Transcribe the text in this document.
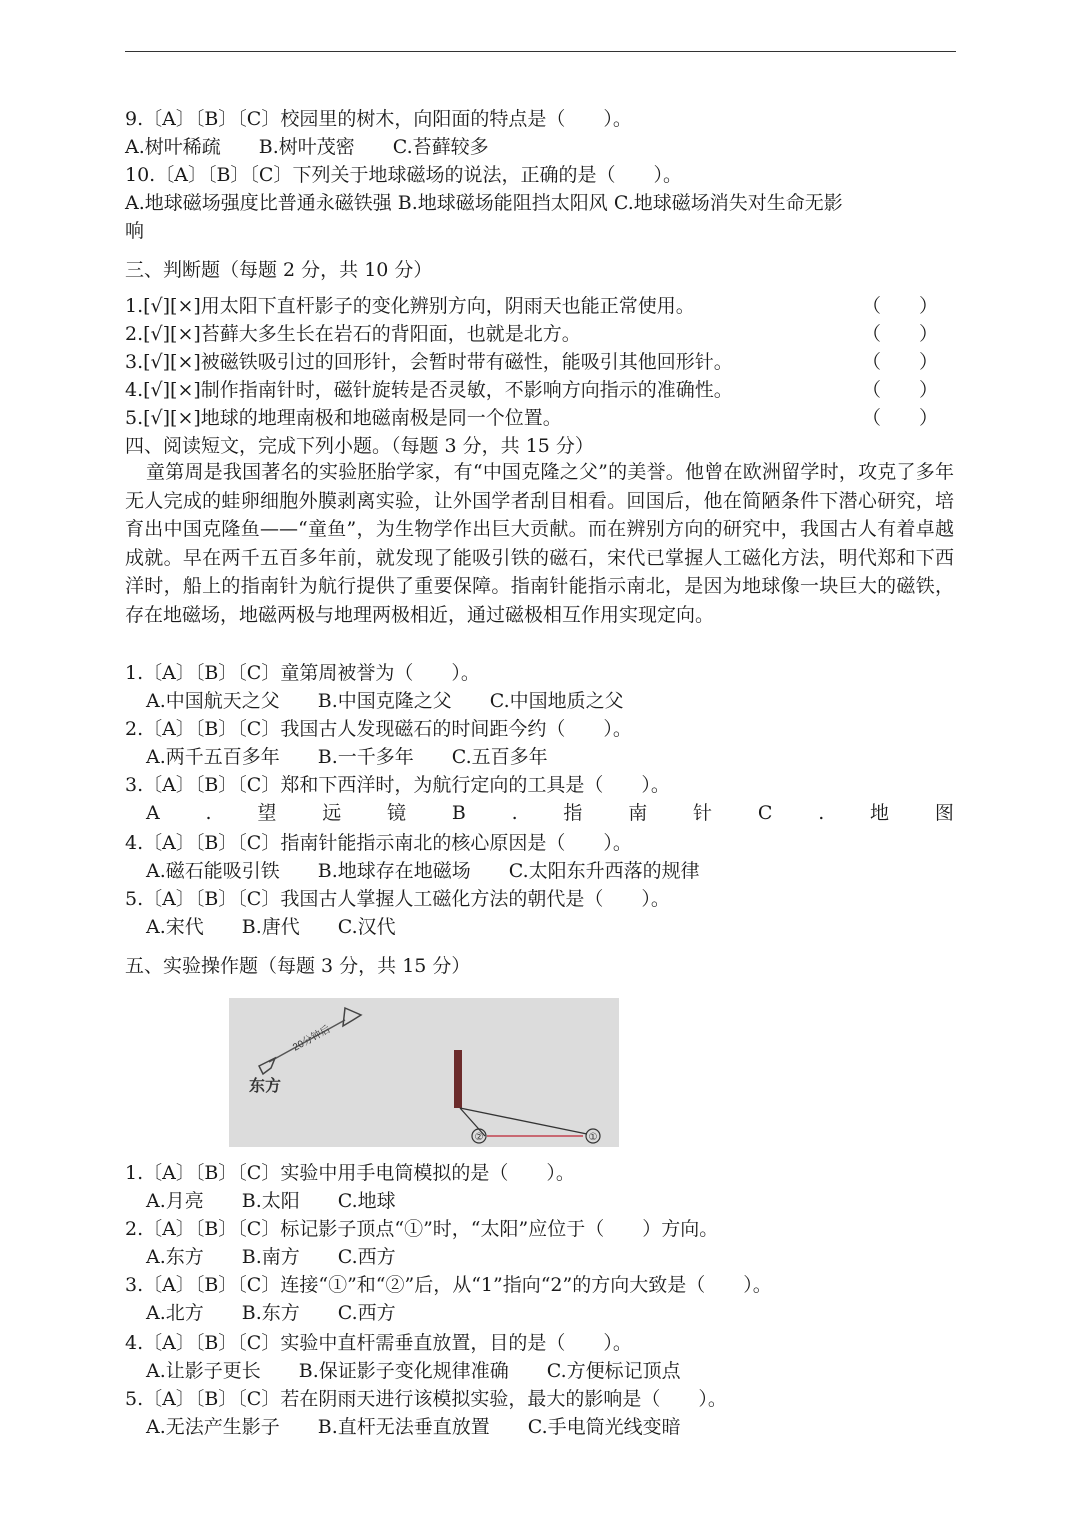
9.〔A〕〔B〕〔C〕校园里的树木，向阳面的特点是（　　）。
A.树叶稀疏　　B.树叶茂密　　C.苔藓较多
10.〔A〕〔B〕〔C〕下列关于地球磁场的说法，正确的是（　　）。
A.地球磁场强度比普通永磁铁强 B.地球磁场能阻挡太阳风 C.地球磁场消失对生命无影
响
三、判断题（每题 2 分，共 10 分）
1.[√][×]用太阳下直杆影子的变化辨别方向，阴雨天也能正常使用。	（　　）
2.[√][×]苔藓大多生长在岩石的背阳面，也就是北方。	（　　）
3.[√][×]被磁铁吸引过的回形针，会暂时带有磁性，能吸引其他回形针。	（　　）
4.[√][×]制作指南针时，磁针旋转是否灵敏，不影响方向指示的准确性。	（　　）
5.[√][×]地球的地理南极和地磁南极是同一个位置。	（　　）
四、阅读短文，完成下列小题。（每题 3 分，共 15 分）
童第周是我国著名的实验胚胎学家，有“中国克隆之父”的美誉。他曾在欧洲留学时，攻克了多年无人完成的蛙卵细胞外膜剥离实验，让外国学者刮目相看。回国后，他在简陋条件下潜心研究，培育出中国克隆鱼——“童鱼”，为生物学作出巨大贡献。而在辨别方向的研究中，我国古人有着卓越成就。早在两千五百多年前，就发现了能吸引铁的磁石，宋代已掌握人工磁化方法，明代郑和下西洋时，船上的指南针为航行提供了重要保障。指南针能指示南北，是因为地球像一块巨大的磁铁，存在地磁场，地磁两极与地理两极相近，通过磁极相互作用实现定向。
1.〔A〕〔B〕〔C〕童第周被誉为（　　）。
A.中国航天之父　　B.中国克隆之父　　C.中国地质之父
2.〔A〕〔B〕〔C〕我国古人发现磁石的时间距今约（　　）。
A.两千五百多年　　B.一千多年　　C.五百多年
3.〔A〕〔B〕〔C〕郑和下西洋时，为航行定向的工具是（　　）。
A . 望 远 镜 B . 指 南 针 C . 地 图
4.〔A〕〔B〕〔C〕指南针能指示南北的核心原因是（　　）。
A.磁石能吸引铁　　B.地球存在地磁场　　C.太阳东升西落的规律
5.〔A〕〔B〕〔C〕我国古人掌握人工磁化方法的朝代是（　　）。
A.宋代　　B.唐代　　C.汉代
五、实验操作题（每题 3 分，共 15 分）
20分钟后
东方
①
②
1.〔A〕〔B〕〔C〕实验中用手电筒模拟的是（　　）。
A.月亮　　B.太阳　　C.地球
2.〔A〕〔B〕〔C〕标记影子顶点“①”时，“太阳”应位于（　　）方向。
A.东方　　B.南方　　C.西方
3.〔A〕〔B〕〔C〕连接“①”和“②”后，从“1”指向“2”的方向大致是（　　）。
A.北方　　B.东方　　C.西方
4.〔A〕〔B〕〔C〕实验中直杆需垂直放置，目的是（　　）。
A.让影子更长　　B.保证影子变化规律准确　　C.方便标记顶点
5.〔A〕〔B〕〔C〕若在阴雨天进行该模拟实验，最大的影响是（　　）。
A.无法产生影子　　B.直杆无法垂直放置　　C.手电筒光线变暗
